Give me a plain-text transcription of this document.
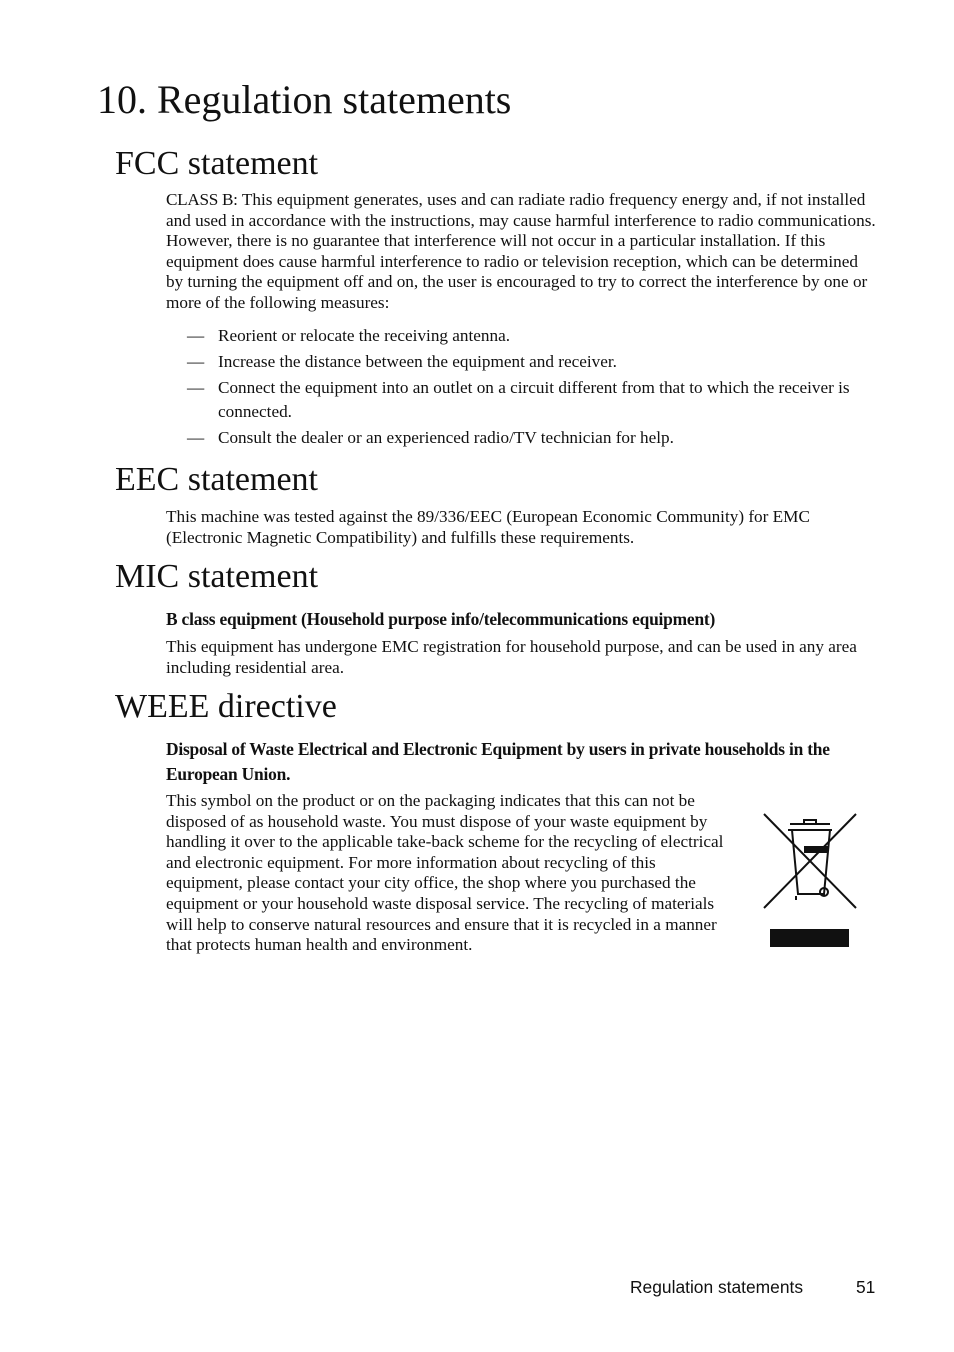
10. Regulation statements
FCC statement

CLASS B: This equipment generates, uses and can radiate radio frequency energy and, if not installed and used in accordance with the instructions, may cause harmful interference to radio communications. However, there is no guarantee that interference will not occur in a particular installation. If this equipment does cause harmful interference to radio or television reception, which can be determined by turning the equipment off and on, the user is encouraged to try to correct the interference by one or more of the following measures:

— Reorient or relocate the receiving antenna.
— Increase the distance between the equipment and receiver.
— Connect the equipment into an outlet on a circuit different from that to which the receiver is connected.
— Consult the dealer or an experienced radio/TV technician for help.
EEC statement

This machine was tested against the 89/336/EEC (European Economic Community) for EMC (Electronic Magnetic Compatibility) and fulfills these requirements.

MIC statement

B class equipment (Household purpose info/telecommunications equipment)

This equipment has undergone EMC registration for household purpose, and can be used in any area including residential area.

WEEE directive

Disposal of Waste Electrical and Electronic Equipment by users in private households in the European Union.

This symbol on the product or on the packaging indicates that this can not be disposed of as household waste. You must dispose of your waste equipment by handling it over to the applicable take-back scheme for the recycling of electrical and electronic equipment. For more information about recycling of this equipment, please contact your city office, the shop where you purchased the equipment or your household waste disposal service. The recycling of materials will help to conserve natural resources and ensure that it is recycled in a manner that protects human health and environment.

Regulation statements	51
